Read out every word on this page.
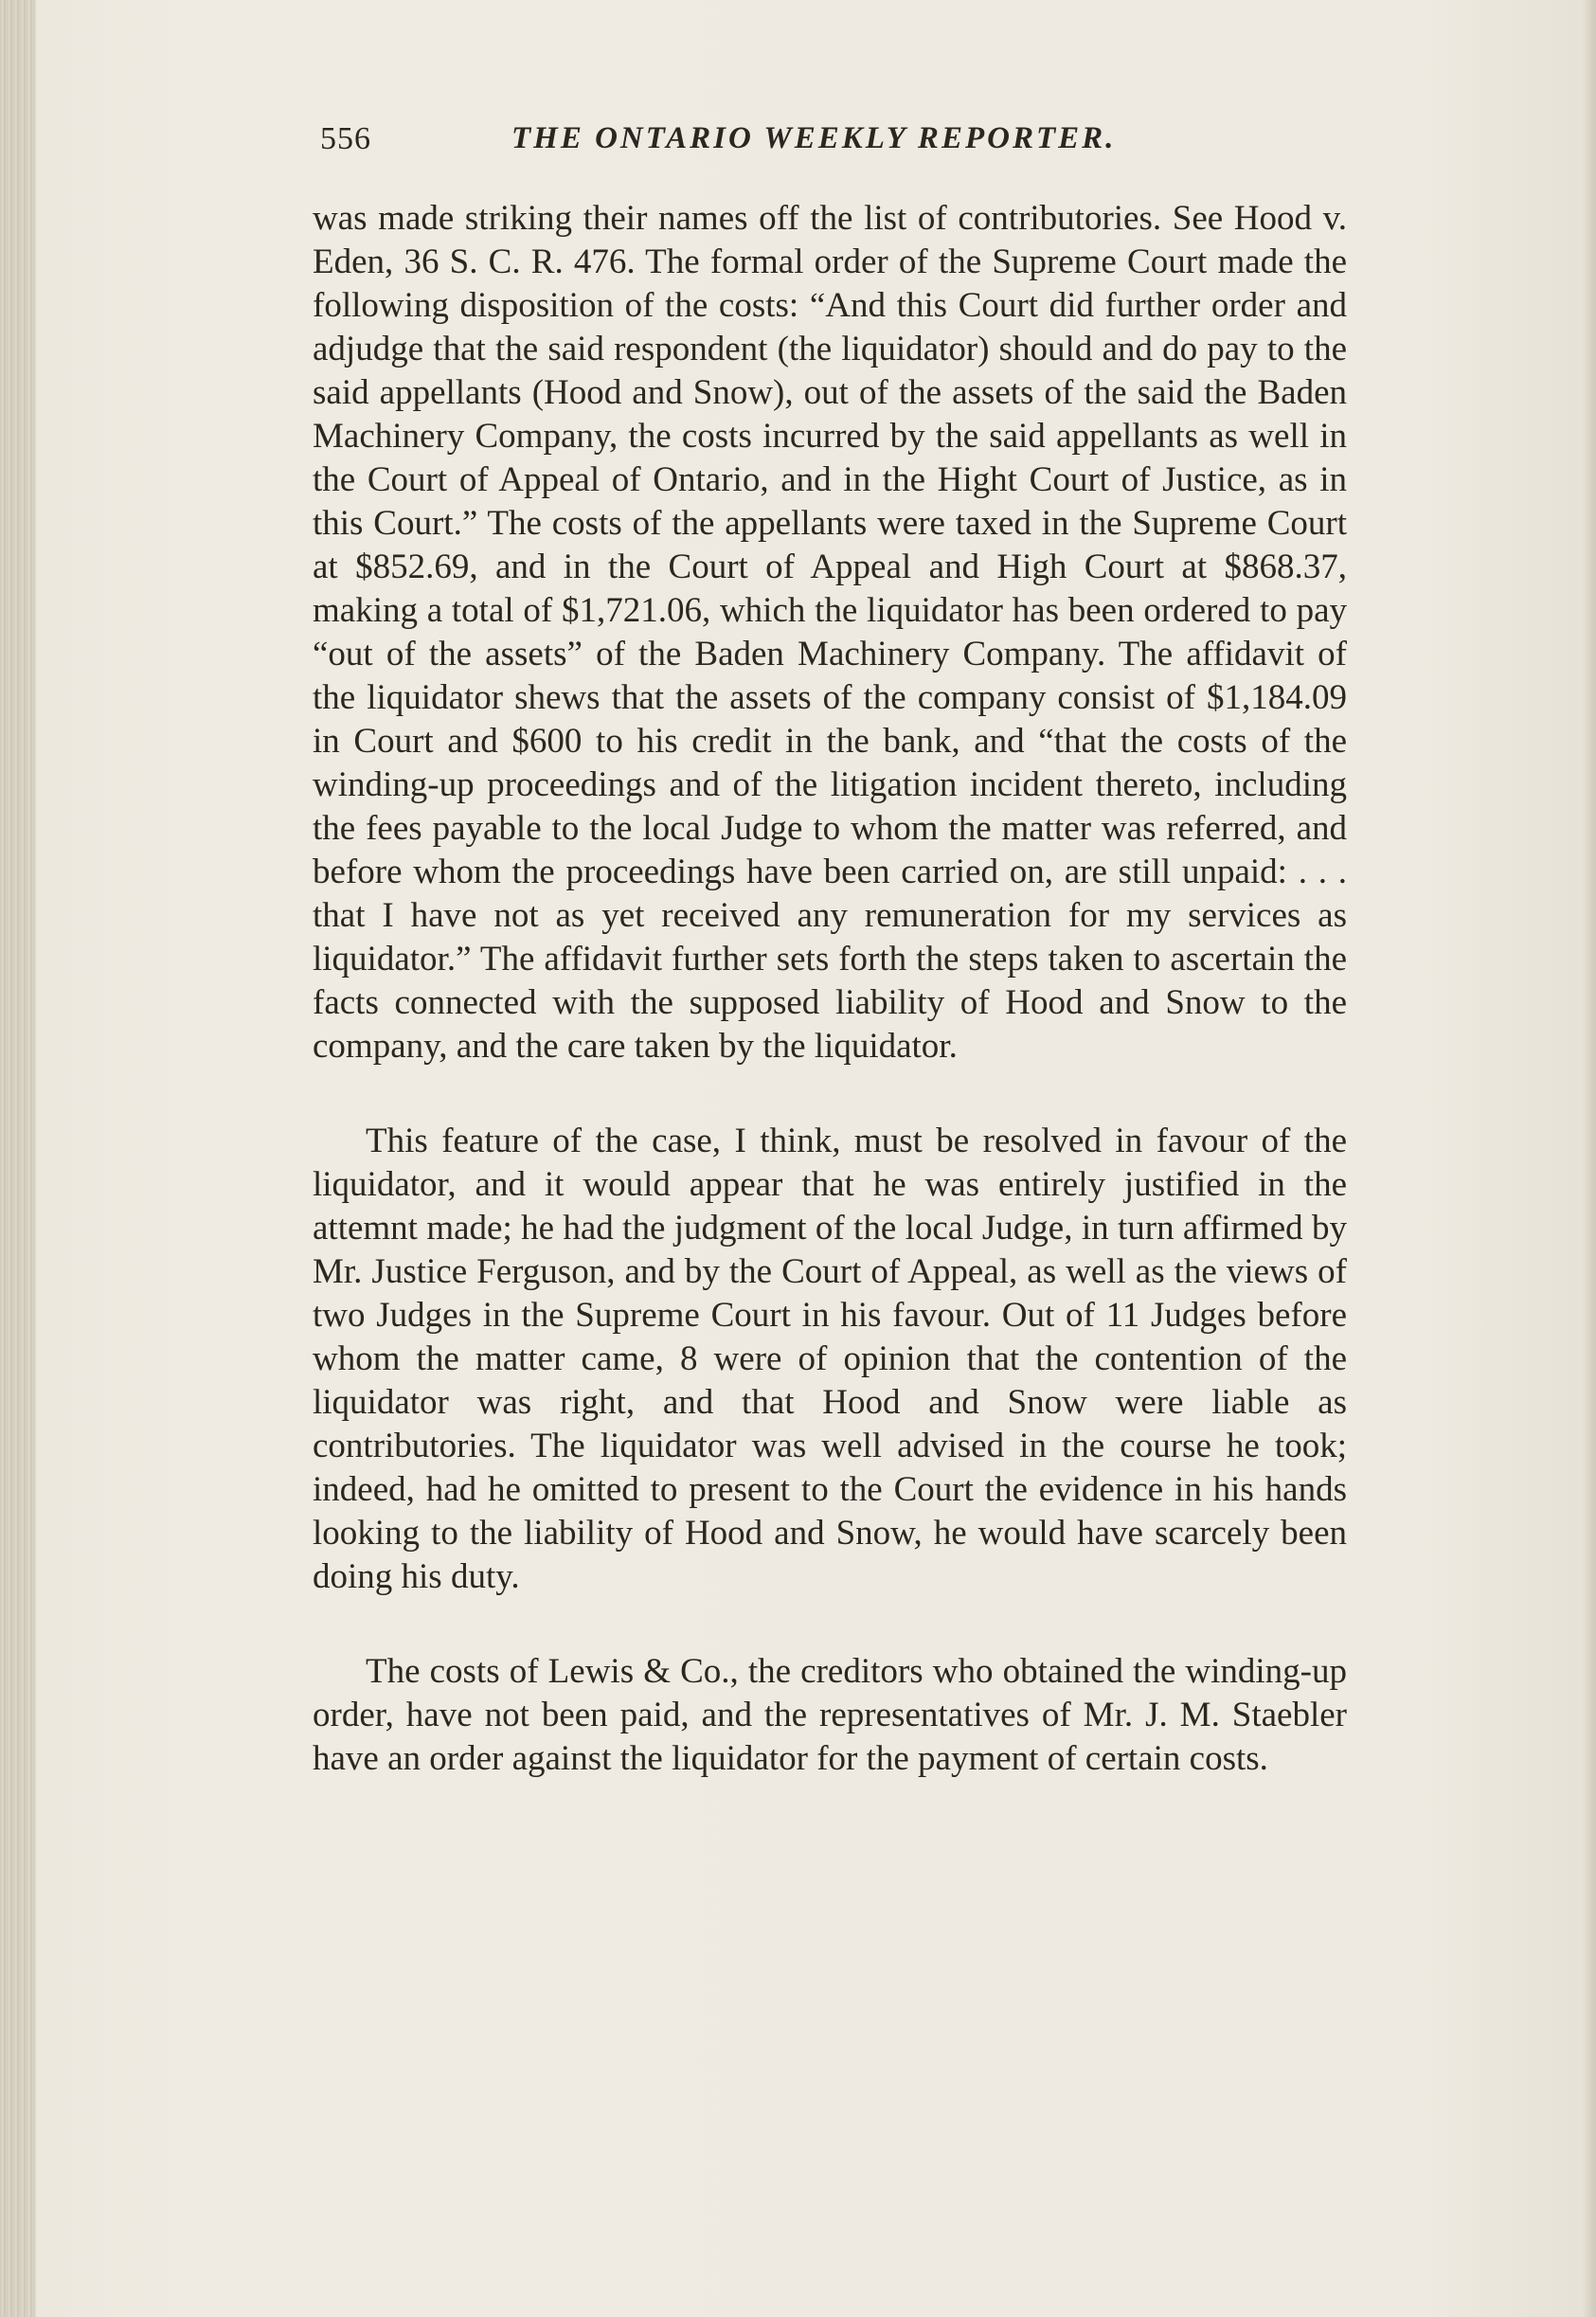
556	THE ONTARIO WEEKLY REPORTER.

was made striking their names off the list of contributories. See Hood v. Eden, 36 S. C. R. 476. The formal order of the Supreme Court made the following disposition of the costs: “And this Court did further order and adjudge that the said respondent (the liquidator) should and do pay to the said appellants (Hood and Snow), out of the assets of the said the Baden Machinery Company, the costs incurred by the said appellants as well in the Court of Appeal of Ontario, and in the Hight Court of Justice, as in this Court.” The costs of the appellants were taxed in the Supreme Court at $852.69, and in the Court of Appeal and High Court at $868.37, making a total of $1,721.06, which the liquidator has been ordered to pay “out of the assets” of the Baden Machinery Company. The affidavit of the liquidator shews that the assets of the company consist of $1,184.09 in Court and $600 to his credit in the bank, and “that the costs of the winding-up proceedings and of the litigation incident thereto, including the fees payable to the local Judge to whom the matter was referred, and before whom the proceedings have been carried on, are still unpaid: . . . that I have not as yet received any remuneration for my services as liquidator.” The affidavit further sets forth the steps taken to ascertain the facts connected with the supposed liability of Hood and Snow to the company, and the care taken by the liquidator.

This feature of the case, I think, must be resolved in favour of the liquidator, and it would appear that he was entirely justified in the attemnt made; he had the judgment of the local Judge, in turn affirmed by Mr. Justice Ferguson, and by the Court of Appeal, as well as the views of two Judges in the Supreme Court in his favour. Out of 11 Judges before whom the matter came, 8 were of opinion that the contention of the liquidator was right, and that Hood and Snow were liable as contributories. The liquidator was well advised in the course he took; indeed, had he omitted to present to the Court the evidence in his hands looking to the liability of Hood and Snow, he would have scarcely been doing his duty.

The costs of Lewis & Co., the creditors who obtained the winding-up order, have not been paid, and the representatives of Mr. J. M. Staebler have an order against the liquidator for the payment of certain costs.
